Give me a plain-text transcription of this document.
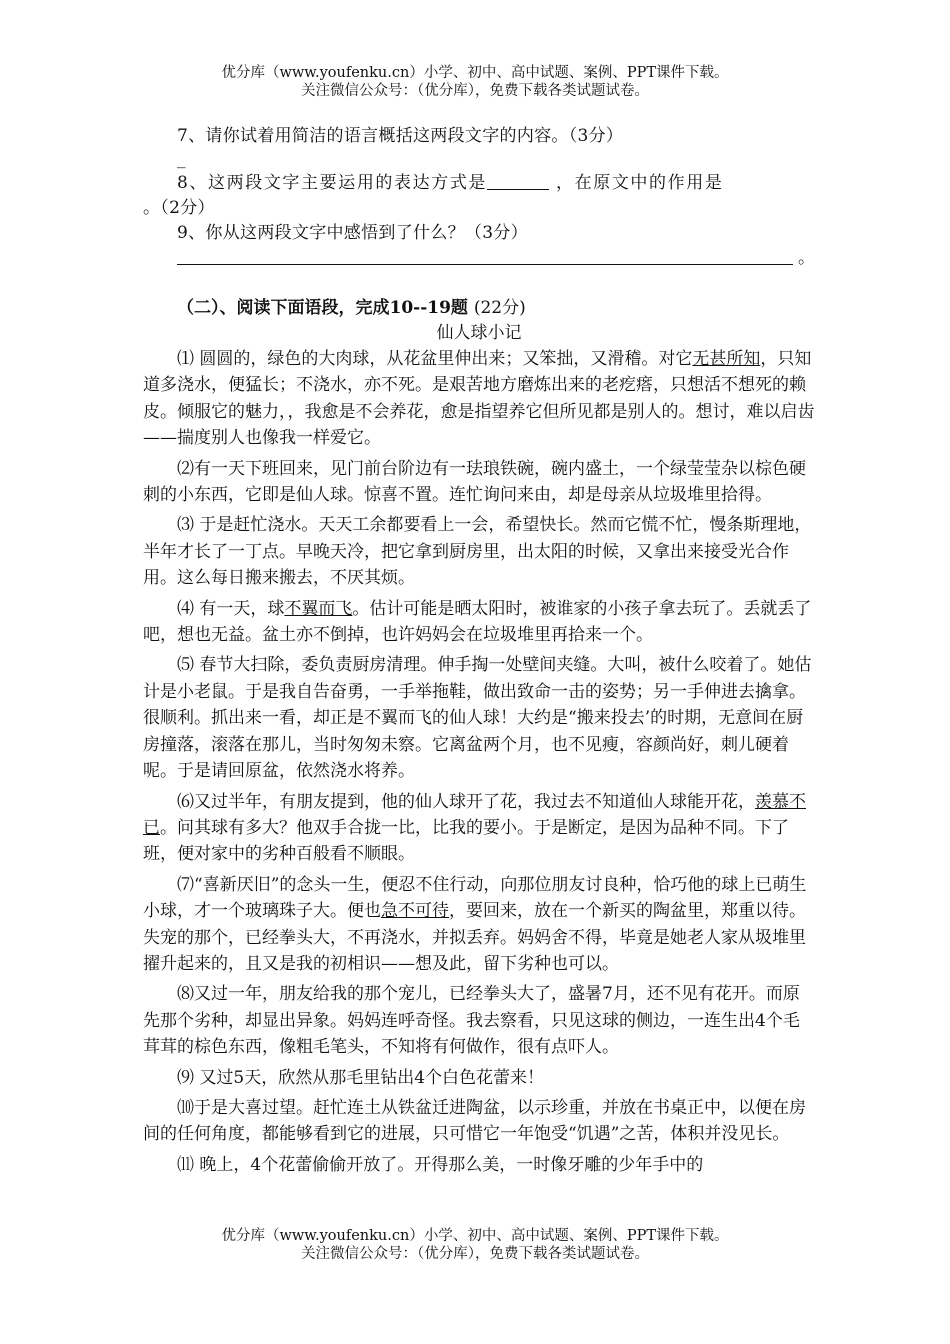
优分库（www.youfenku.cn）小学、初中、高中试题、案例、PPT课件下载。
关注微信公众号：（优分库），免费下载各类试题试卷。

7、请你试着用简洁的语言概括这两段文字的内容。（3分）

_

8、这两段文字主要运用的表达方式是	，在原文中的作用是

。（2分）

9、你从这两段文字中感悟到了什么？（3分）

。

（二）、阅读下面语段，完成10--19题 (22分)

仙人球小记

⑴ 圆圆的，绿色的大肉球，从花盆里伸出来；又笨拙，又滑稽。对它无甚所知，只知道多浇水，便猛长；不浇水，亦不死。是艰苦地方磨炼出来的老疙瘩，只想活不想死的赖皮。倾服它的魅力，，我愈是不会养花，愈是指望养它但所见都是别人的。想讨，难以启齿——揣度别人也像我一样爱它。

⑵有一天下班回来，见门前台阶边有一珐琅铁碗，碗内盛土，一个绿莹莹杂以棕色硬刺的小东西，它即是仙人球。惊喜不置。连忙询问来由，却是母亲从垃圾堆里拾得。

⑶ 于是赶忙浇水。天天工余都要看上一会，希望快长。然而它慌不忙，慢条斯理地，半年才长了一丁点。早晚天冷，把它拿到厨房里，出太阳的时候，又拿出来接受光合作用。这么每日搬来搬去，不厌其烦。

⑷ 有一天，球不翼而飞。估计可能是晒太阳时，被谁家的小孩子拿去玩了。丢就丢了吧，想也无益。盆土亦不倒掉，也许妈妈会在垃圾堆里再拾来一个。

⑸ 春节大扫除，委负责厨房清理。伸手掏一处壁间夹缝。大叫，被什么咬着了。她估计是小老鼠。于是我自告奋勇，一手举拖鞋，做出致命一击的姿势；另一手伸进去擒拿。很顺利。抓出来一看，却正是不翼而飞的仙人球！大约是“搬来投去’的时期，无意间在厨房撞落，滚落在那儿，当时匆匆未察。它离盆两个月，也不见瘦，容颜尚好，刺儿硬着呢。于是请回原盆，依然浇水将养。

⑹又过半年，有朋友提到，他的仙人球开了花，我过去不知道仙人球能开花，羡慕不已。问其球有多大？他双手合拢一比，比我的要小。于是断定，是因为品种不同。下了班，便对家中的劣种百般看不顺眼。

⑺“喜新厌旧”的念头一生，便忍不住行动，向那位朋友讨良种，恰巧他的球上已萌生小球，才一个玻璃珠子大。便也急不可待，要回来，放在一个新买的陶盆里，郑重以待。失宠的那个，已经拳头大，不再浇水，并拟丢弃。妈妈舍不得，毕竟是她老人家从圾堆里擢升起来的，且又是我的初相识——想及此，留下劣种也可以。

⑻又过一年，朋友给我的那个宠儿，已经拳头大了，盛暑7月，还不见有花开。而原先那个劣种，却显出异象。妈妈连呼奇怪。我去察看，只见这球的侧边，一连生出4个毛茸茸的棕色东西，像粗毛笔头，不知将有何做作，很有点吓人。

⑼ 又过5天，欣然从那毛里钻出4个白色花蕾来！

⑽于是大喜过望。赶忙连土从铁盆迁进陶盆，以示珍重，并放在书桌正中，以便在房间的任何角度，都能够看到它的进展，只可惜它一年饱受“饥遇”之苦，体积并没见长。

⑾ 晚上，4个花蕾偷偷开放了。开得那么美，一时像牙雕的少年手中的

优分库（www.youfenku.cn）小学、初中、高中试题、案例、PPT课件下载。
关注微信公众号：（优分库），免费下载各类试题试卷。
